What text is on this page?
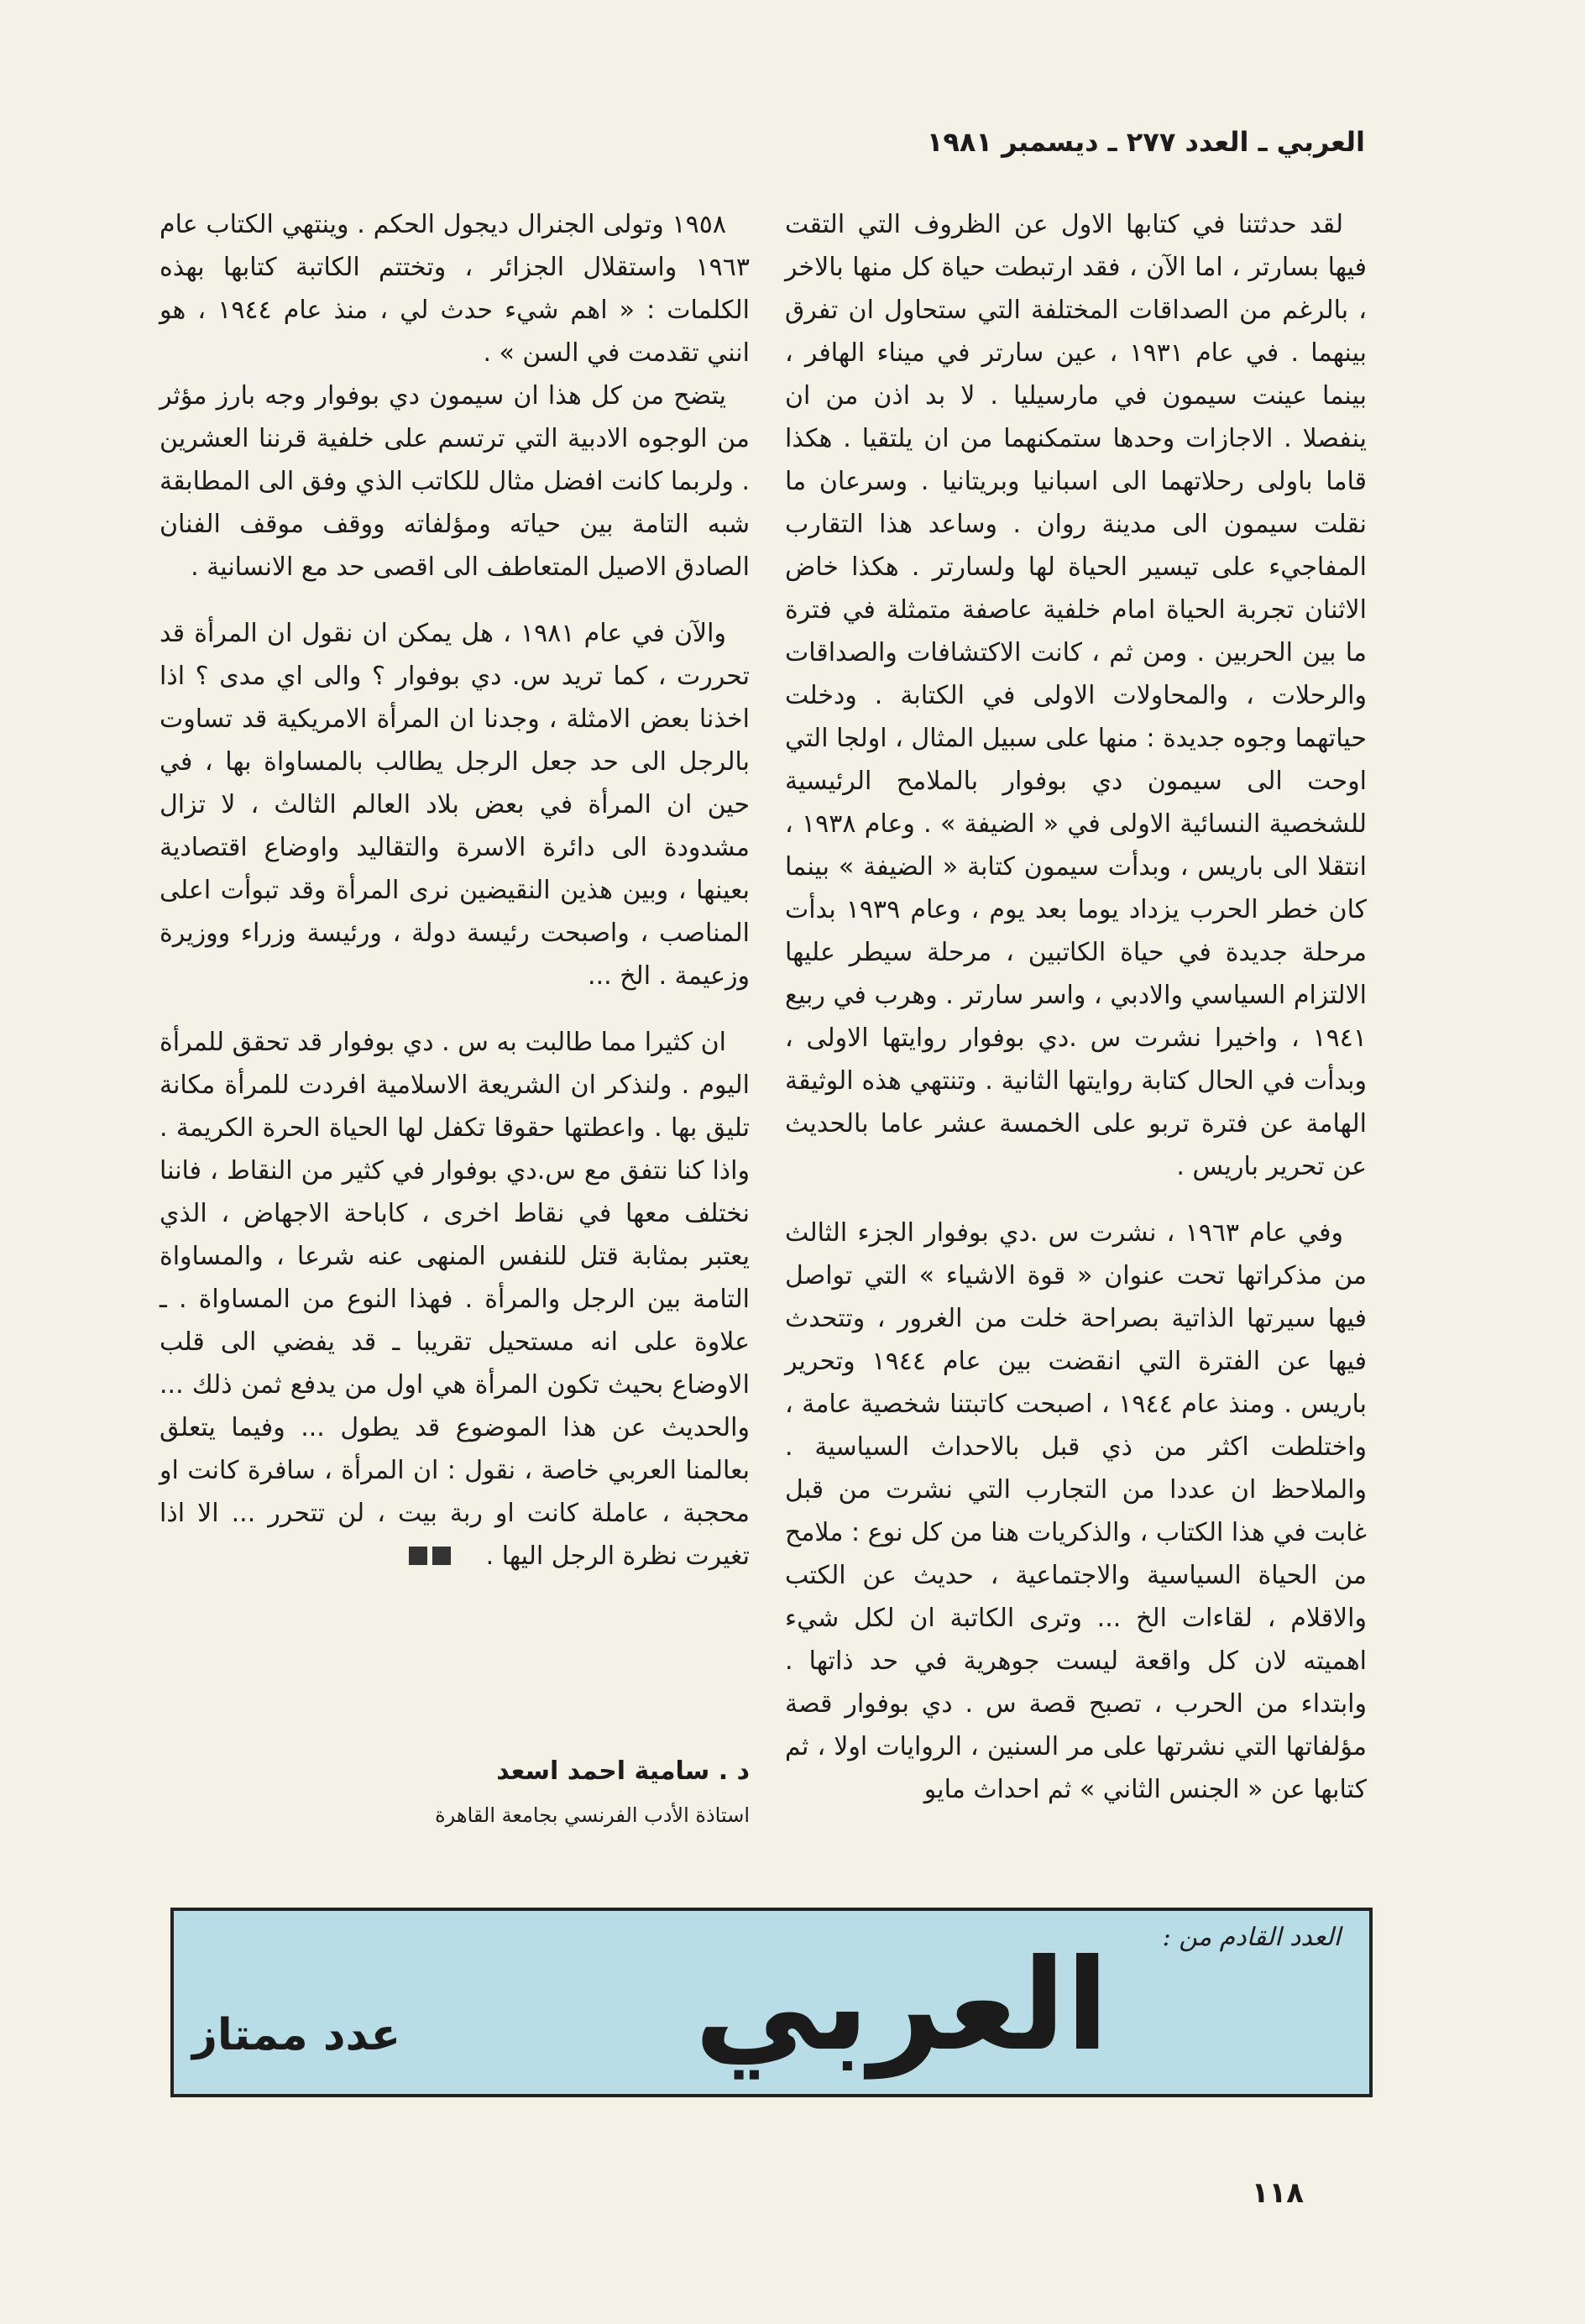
العربي ـ العدد ٢٧٧ ـ ديسمبر ١٩٨١

لقد حدثتنا في كتابها الاول عن الظروف التي التقت فيها بسارتر ، اما الآن ، فقد ارتبطت حياة كل منها بالاخر ، بالرغم من الصداقات المختلفة التي ستحاول ان تفرق بينهما . في عام ١٩٣١ ، عين سارتر في ميناء الهافر ، بينما عينت سيمون في مارسيليا . لا بد اذن من ان ينفصلا . الاجازات وحدها ستمكنهما من ان يلتقيا . هكذا قاما باولى رحلاتهما الى اسبانيا وبريتانيا . وسرعان ما نقلت سيمون الى مدينة روان . وساعد هذا التقارب المفاجيء على تيسير الحياة لها ولسارتر . هكذا خاض الاثنان تجربة الحياة امام خلفية عاصفة متمثلة في فترة ما بين الحربين . ومن ثم ، كانت الاكتشافات والصداقات والرحلات ، والمحاولات الاولى في الكتابة . ودخلت حياتهما وجوه جديدة : منها على سبيل المثال ، اولجا التي اوحت الى سيمون دي بوفوار بالملامح الرئيسية للشخصية النسائية الاولى في « الضيفة » . وعام ١٩٣٨ ، انتقلا الى باريس ، وبدأت سيمون كتابة « الضيفة » بينما كان خطر الحرب يزداد يوما بعد يوم ، وعام ١٩٣٩ بدأت مرحلة جديدة في حياة الكاتبين ، مرحلة سيطر عليها الالتزام السياسي والادبي ، واسر سارتر . وهرب في ربيع ١٩٤١ ، واخيرا نشرت س .دي بوفوار روايتها الاولى ، وبدأت في الحال كتابة روايتها الثانية . وتنتهي هذه الوثيقة الهامة عن فترة تربو على الخمسة عشر عاما بالحديث عن تحرير باريس .

وفي عام ١٩٦٣ ، نشرت س .دي بوفوار الجزء الثالث من مذكراتها تحت عنوان « قوة الاشياء » التي تواصل فيها سيرتها الذاتية بصراحة خلت من الغرور ، وتتحدث فيها عن الفترة التي انقضت بين عام ١٩٤٤ وتحرير باريس . ومنذ عام ١٩٤٤ ، اصبحت كاتبتنا شخصية عامة ، واختلطت اكثر من ذي قبل بالاحداث السياسية . والملاحظ ان عددا من التجارب التي نشرت من قبل غابت في هذا الكتاب ، والذكريات هنا من كل نوع : ملامح من الحياة السياسية والاجتماعية ، حديث عن الكتب والاقلام ، لقاءات الخ ... وترى الكاتبة ان لكل شيء اهميته لان كل واقعة ليست جوهرية في حد ذاتها . وابتداء من الحرب ، تصبح قصة س . دي بوفوار قصة مؤلفاتها التي نشرتها على مر السنين ، الروايات اولا ، ثم كتابها عن « الجنس الثاني » ثم احداث مايو

١٩٥٨ وتولى الجنرال ديجول الحكم . وينتهي الكتاب عام ١٩٦٣ واستقلال الجزائر ، وتختتم الكاتبة كتابها بهذه الكلمات : « اهم شيء حدث لي ، منذ عام ١٩٤٤ ، هو انني تقدمت في السن » .

يتضح من كل هذا ان سيمون دي بوفوار وجه بارز مؤثر من الوجوه الادبية التي ترتسم على خلفية قرننا العشرين . ولربما كانت افضل مثال للكاتب الذي وفق الى المطابقة شبه التامة بين حياته ومؤلفاته ووقف موقف الفنان الصادق الاصيل المتعاطف الى اقصى حد مع الانسانية .

والآن في عام ١٩٨١ ، هل يمكن ان نقول ان المرأة قد تحررت ، كما تريد س. دي بوفوار ؟ والى اي مدى ؟ اذا اخذنا بعض الامثلة ، وجدنا ان المرأة الامريكية قد تساوت بالرجل الى حد جعل الرجل يطالب بالمساواة بها ، في حين ان المرأة في بعض بلاد العالم الثالث ، لا تزال مشدودة الى دائرة الاسرة والتقاليد واوضاع اقتصادية بعينها ، وبين هذين النقيضين نرى المرأة وقد تبوأت اعلى المناصب ، واصبحت رئيسة دولة ، ورئيسة وزراء ووزيرة وزعيمة . الخ ...

ان كثيرا مما طالبت به س . دي بوفوار قد تحقق للمرأة اليوم . ولنذكر ان الشريعة الاسلامية افردت للمرأة مكانة تليق بها . واعطتها حقوقا تكفل لها الحياة الحرة الكريمة . واذا كنا نتفق مع س.دي بوفوار في كثير من النقاط ، فاننا نختلف معها في نقاط اخرى ، كاباحة الاجهاض ، الذي يعتبر بمثابة قتل للنفس المنهى عنه شرعا ، والمساواة التامة بين الرجل والمرأة . فهذا النوع من المساواة . ـ علاوة على انه مستحيل تقريبا ـ قد يفضي الى قلب الاوضاع بحيث تكون المرأة هي اول من يدفع ثمن ذلك ... والحديث عن هذا الموضوع قد يطول ... وفيما يتعلق بعالمنا العربي خاصة ، نقول : ان المرأة ، سافرة كانت او محجبة ، عاملة كانت او ربة بيت ، لن تتحرر ... الا اذا تغيرت نظرة الرجل اليها .

د . سامية احمد اسعد
استاذة الأدب الفرنسي بجامعة القاهرة
العدد القادم من :
العربي
عدد ممتاز
١١٨
